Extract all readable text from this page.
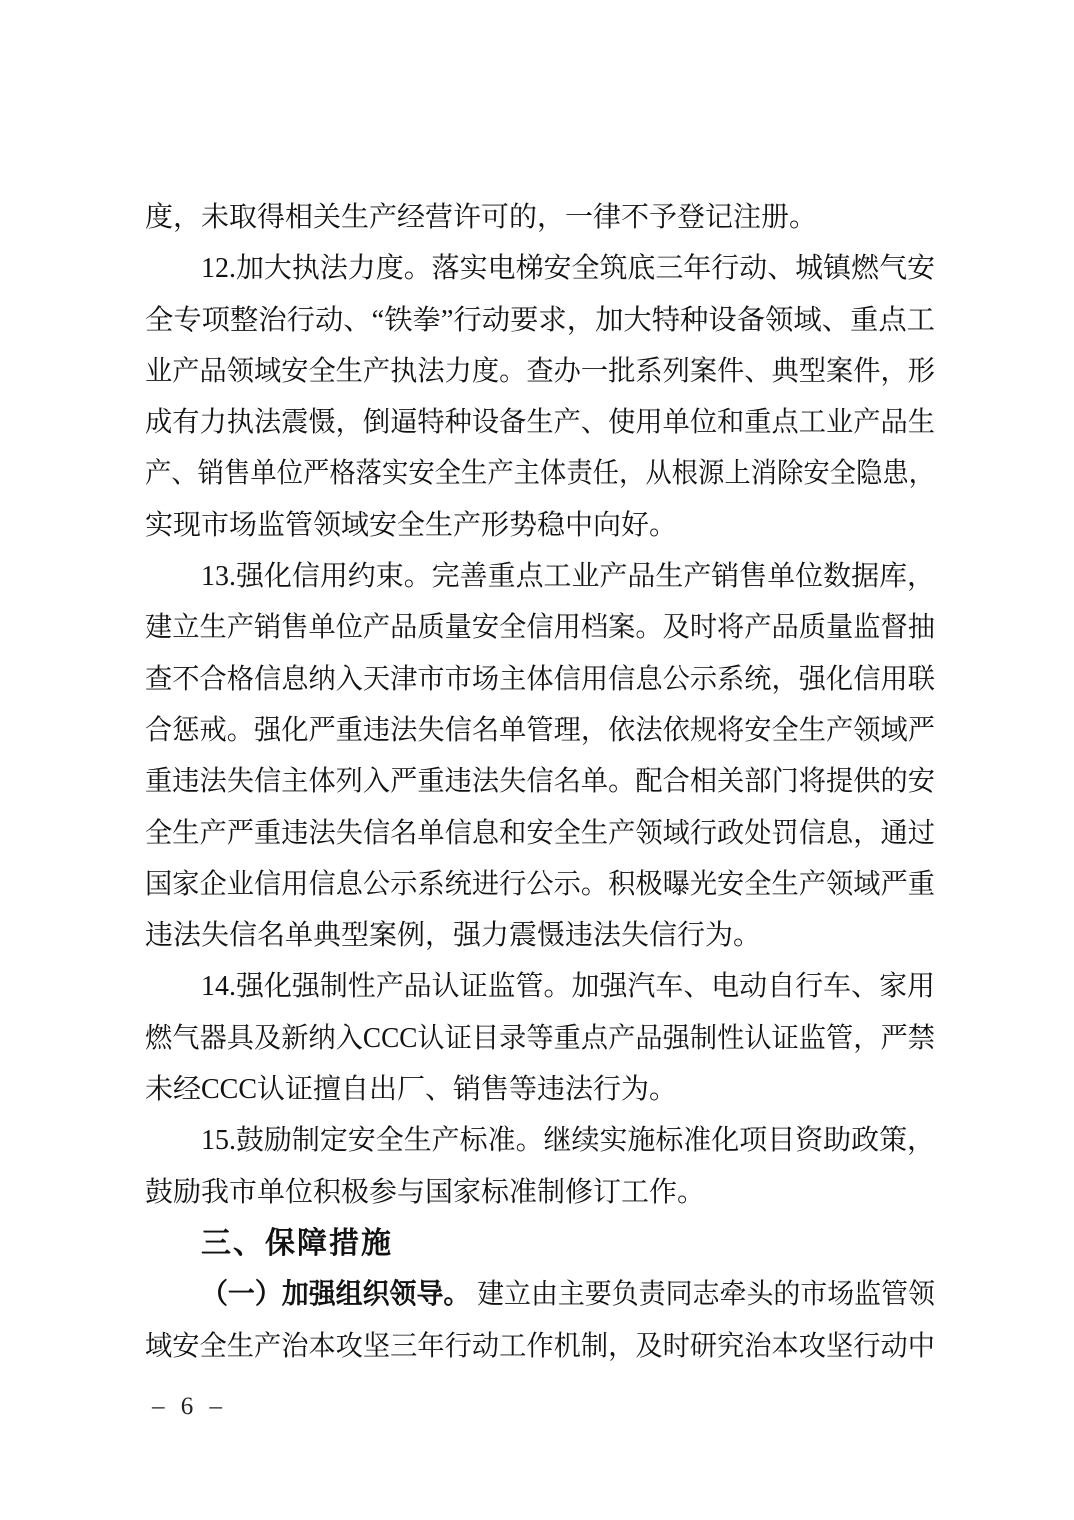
度，未取得相关生产经营许可的，一律不予登记注册。
12.加大执法力度。落实电梯安全筑底三年行动、城镇燃气安
全专项整治行动、“铁拳”行动要求，加大特种设备领域、重点工
业产品领域安全生产执法力度。查办一批系列案件、典型案件，形
成有力执法震慑，倒逼特种设备生产、使用单位和重点工业产品生
产、销售单位严格落实安全生产主体责任，从根源上消除安全隐患，
实现市场监管领域安全生产形势稳中向好。
13.强化信用约束。完善重点工业产品生产销售单位数据库，
建立生产销售单位产品质量安全信用档案。及时将产品质量监督抽
查不合格信息纳入天津市市场主体信用信息公示系统，强化信用联
合惩戒。强化严重违法失信名单管理，依法依规将安全生产领域严
重违法失信主体列入严重违法失信名单。配合相关部门将提供的安
全生产严重违法失信名单信息和安全生产领域行政处罚信息，通过
国家企业信用信息公示系统进行公示。积极曝光安全生产领域严重
违法失信名单典型案例，强力震慑违法失信行为。
14.强化强制性产品认证监管。加强汽车、电动自行车、家用
燃气器具及新纳入CCC认证目录等重点产品强制性认证监管，严禁
未经CCC认证擅自出厂、销售等违法行为。
15.鼓励制定安全生产标准。继续实施标准化项目资助政策，
鼓励我市单位积极参与国家标准制修订工作。
三、保障措施
（一）加强组织领导。 建立由主要负责同志牵头的市场监管领
域安全生产治本攻坚三年行动工作机制，及时研究治本攻坚行动中
– 6 –
